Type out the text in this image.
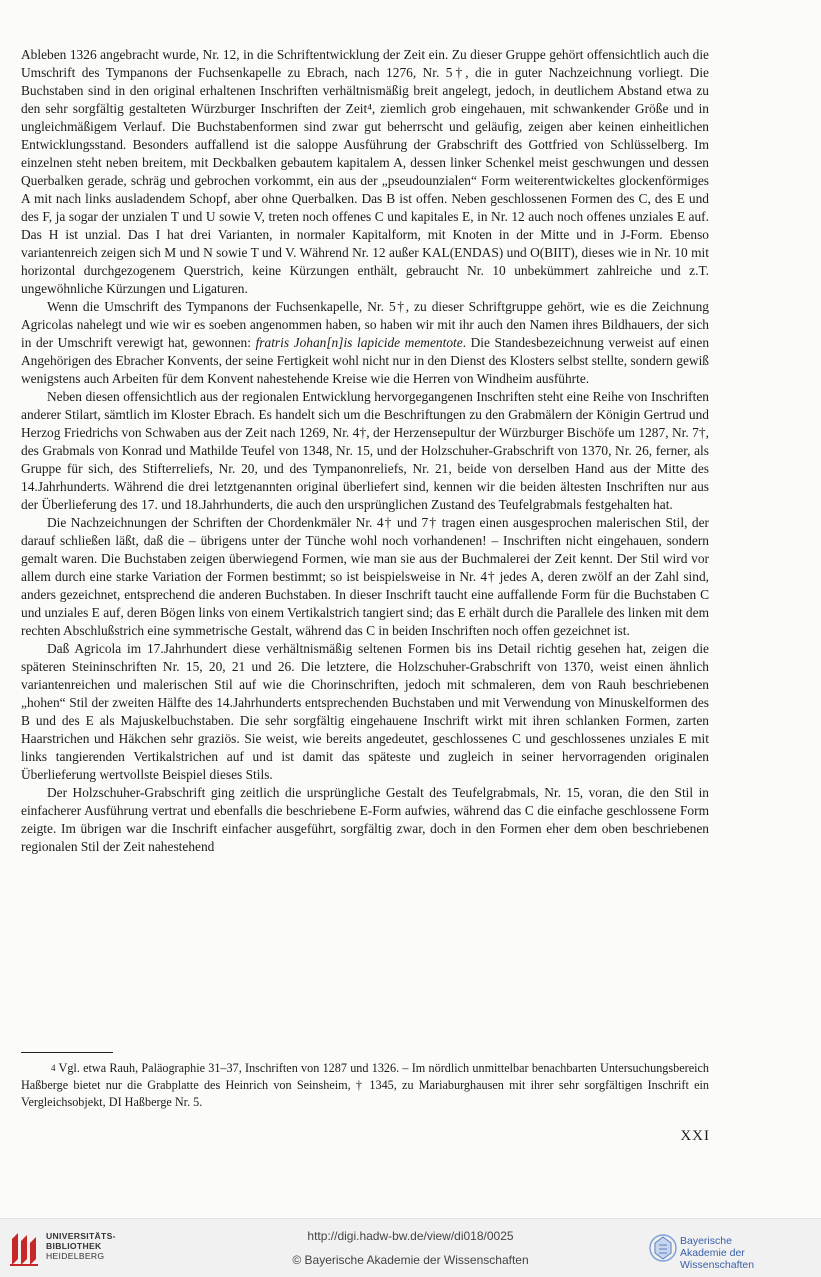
Ableben 1326 angebracht wurde, Nr. 12, in die Schriftentwicklung der Zeit ein. Zu dieser Gruppe gehört offensichtlich auch die Umschrift des Tympanons der Fuchsenkapelle zu Ebrach, nach 1276, Nr. 5†, die in guter Nachzeichnung vorliegt. Die Buchstaben sind in den original erhaltenen Inschriften verhältnismäßig breit angelegt, jedoch, in deutlichem Abstand etwa zu den sehr sorgfältig gestalteten Würzburger Inschriften der Zeit⁴, ziemlich grob eingehauen, mit schwankender Größe und in ungleichmäßigem Verlauf. Die Buchstabenformen sind zwar gut beherrscht und geläufig, zeigen aber keinen einheitlichen Entwicklungsstand. Besonders auffallend ist die saloppe Ausführung der Grabschrift des Gottfried von Schlüsselberg. Im einzelnen steht neben breitem, mit Deckbalken gebautem kapitalem A, dessen linker Schenkel meist geschwungen und dessen Querbalken gerade, schräg und gebrochen vorkommt, ein aus der „pseudounzialen“ Form weiterentwickeltes glockenförmiges A mit nach links ausladendem Schopf, aber ohne Querbalken. Das B ist offen. Neben geschlossenen Formen des C, des E und des F, ja sogar der unzialen T und U sowie V, treten noch offenes C und kapitales E, in Nr. 12 auch noch offenes unziales E auf. Das H ist unzial. Das I hat drei Varianten, in normaler Kapitalform, mit Knoten in der Mitte und in J-Form. Ebenso variantenreich zeigen sich M und N sowie T und V. Während Nr. 12 außer KAL(ENDAS) und O(BIIT), dieses wie in Nr. 10 mit horizontal durchgezogenem Querstrich, keine Kürzungen enthält, gebraucht Nr. 10 unbekümmert zahlreiche und z.T. ungewöhnliche Kürzungen und Ligaturen.

Wenn die Umschrift des Tympanons der Fuchsenkapelle, Nr. 5†, zu dieser Schriftgruppe gehört, wie es die Zeichnung Agricolas nahelegt und wie wir es soeben angenommen haben, so haben wir mit ihr auch den Namen ihres Bildhauers, der sich in der Umschrift verewigt hat, gewonnen: fratris Johan[n]is lapicide mementote. Die Standesbezeichnung verweist auf einen Angehörigen des Ebracher Konvents, der seine Fertigkeit wohl nicht nur in den Dienst des Klosters selbst stellte, sondern gewiß wenigstens auch Arbeiten für dem Konvent nahestehende Kreise wie die Herren von Windheim ausführte.

Neben diesen offensichtlich aus der regionalen Entwicklung hervorgegangenen Inschriften steht eine Reihe von Inschriften anderer Stilart, sämtlich im Kloster Ebrach. Es handelt sich um die Beschriftungen zu den Grabmälern der Königin Gertrud und Herzog Friedrichs von Schwaben aus der Zeit nach 1269, Nr. 4†, der Herzensepultur der Würzburger Bischöfe um 1287, Nr. 7†, des Grabmals von Konrad und Mathilde Teufel von 1348, Nr. 15, und der Holzschuher-Grabschrift von 1370, Nr. 26, ferner, als Gruppe für sich, des Stifterreliefs, Nr. 20, und des Tympanonreliefs, Nr. 21, beide von derselben Hand aus der Mitte des 14.Jahrhunderts. Während die drei letztgenannten original überliefert sind, kennen wir die beiden ältesten Inschriften nur aus der Überlieferung des 17. und 18.Jahrhunderts, die auch den ursprünglichen Zustand des Teufelgrabmals festgehalten hat.

Die Nachzeichnungen der Schriften der Chordenkmäler Nr. 4† und 7† tragen einen ausgesprochen malerischen Stil, der darauf schließen läßt, daß die – übrigens unter der Tünche wohl noch vorhandenen! – Inschriften nicht eingehauen, sondern gemalt waren. Die Buchstaben zeigen überwiegend Formen, wie man sie aus der Buchmalerei der Zeit kennt. Der Stil wird vor allem durch eine starke Variation der Formen bestimmt; so ist beispielsweise in Nr. 4† jedes A, deren zwölf an der Zahl sind, anders gezeichnet, entsprechend die anderen Buchstaben. In dieser Inschrift taucht eine auffallende Form für die Buchstaben C und unziales E auf, deren Bögen links von einem Vertikalstrich tangiert sind; das E erhält durch die Parallele des linken mit dem rechten Abschlußstrich eine symmetrische Gestalt, während das C in beiden Inschriften noch offen gezeichnet ist.

Daß Agricola im 17.Jahrhundert diese verhältnismäßig seltenen Formen bis ins Detail richtig gesehen hat, zeigen die späteren Steininschriften Nr. 15, 20, 21 und 26. Die letztere, die Holzschuher-Grabschrift von 1370, weist einen ähnlich variantenreichen und malerischen Stil auf wie die Chorinschriften, jedoch mit schmaleren, dem von Rauh beschriebenen „hohen“ Stil der zweiten Hälfte des 14.Jahrhunderts entsprechenden Buchstaben und mit Verwendung von Minuskelformen des B und des E als Majuskelbuchstaben. Die sehr sorgfältig eingehauene Inschrift wirkt mit ihren schlanken Formen, zarten Haarstrichen und Häkchen sehr graziös. Sie weist, wie bereits angedeutet, geschlossenes C und geschlossenes unziales E mit links tangierenden Vertikalstrichen auf und ist damit das späteste und zugleich in seiner hervorragenden originalen Überlieferung wertvollste Beispiel dieses Stils.

Der Holzschuher-Grabschrift ging zeitlich die ursprüngliche Gestalt des Teufelgrabmals, Nr. 15, voran, die den Stil in einfacherer Ausführung vertrat und ebenfalls die beschriebene E-Form aufwies, während das C die einfache geschlossene Form zeigte. Im übrigen war die Inschrift einfacher ausgeführt, sorgfältig zwar, doch in den Formen eher dem oben beschriebenen regionalen Stil der Zeit nahestehend

$^4$ Vgl. etwa Rauh, Paläographie 31–37, Inschriften von 1287 und 1326. – Im nördlich unmittelbar benachbarten Untersuchungsbereich Haßberge bietet nur die Grabplatte des Heinrich von Seinsheim, † 1345, zu Mariaburghausen mit ihrer sehr sorgfältigen Inschrift ein Vergleichsobjekt, DI Haßberge Nr. 5.
XXI
UNIVERSITÄTS-
BIBLIOTHEK
HEIDELBERG
http://digi.hadw-bw.de/view/di018/0025
© Bayerische Akademie der Wissenschaften
Bayerische
Akademie der Wissenschaften
